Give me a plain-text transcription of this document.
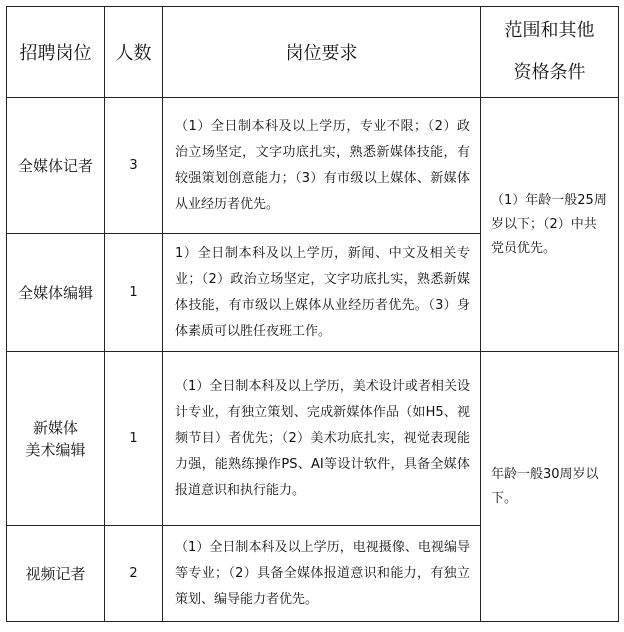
招聘岗位	人数	岗位要求	范围和其他
资格条件

全媒体记者	3	（1）全日制本科及以上学历，专业不限；（2）政治立场坚定，文字功底扎实，熟悉新媒体技能，有较强策划创意能力；（3）有市级以上媒体、新媒体从业经历者优先。	（1）年龄一般25周岁以下；（2）中共党员优先。
全媒体编辑	1	1）全日制本科及以上学历，新闻、中文及相关专业；（2）政治立场坚定，文字功底扎实，熟悉新媒体技能，有市级以上媒体从业经历者优先。（3）身体素质可以胜任夜班工作。	

新媒体
美术编辑	1	（1）全日制本科及以上学历，美术设计或者相关设计专业，有独立策划、完成新媒体作品（如H5、视频节目）者优先；（2）美术功底扎实，视觉表现能力强，能熟练操作PS、AI等设计软件，具备全媒体报道意识和执行能力。	年龄一般30周岁以下。
视频记者	2	（1）全日制本科及以上学历，电视摄像、电视编导等专业；（2）具备全媒体报道意识和能力，有独立策划、编导能力者优先。	
